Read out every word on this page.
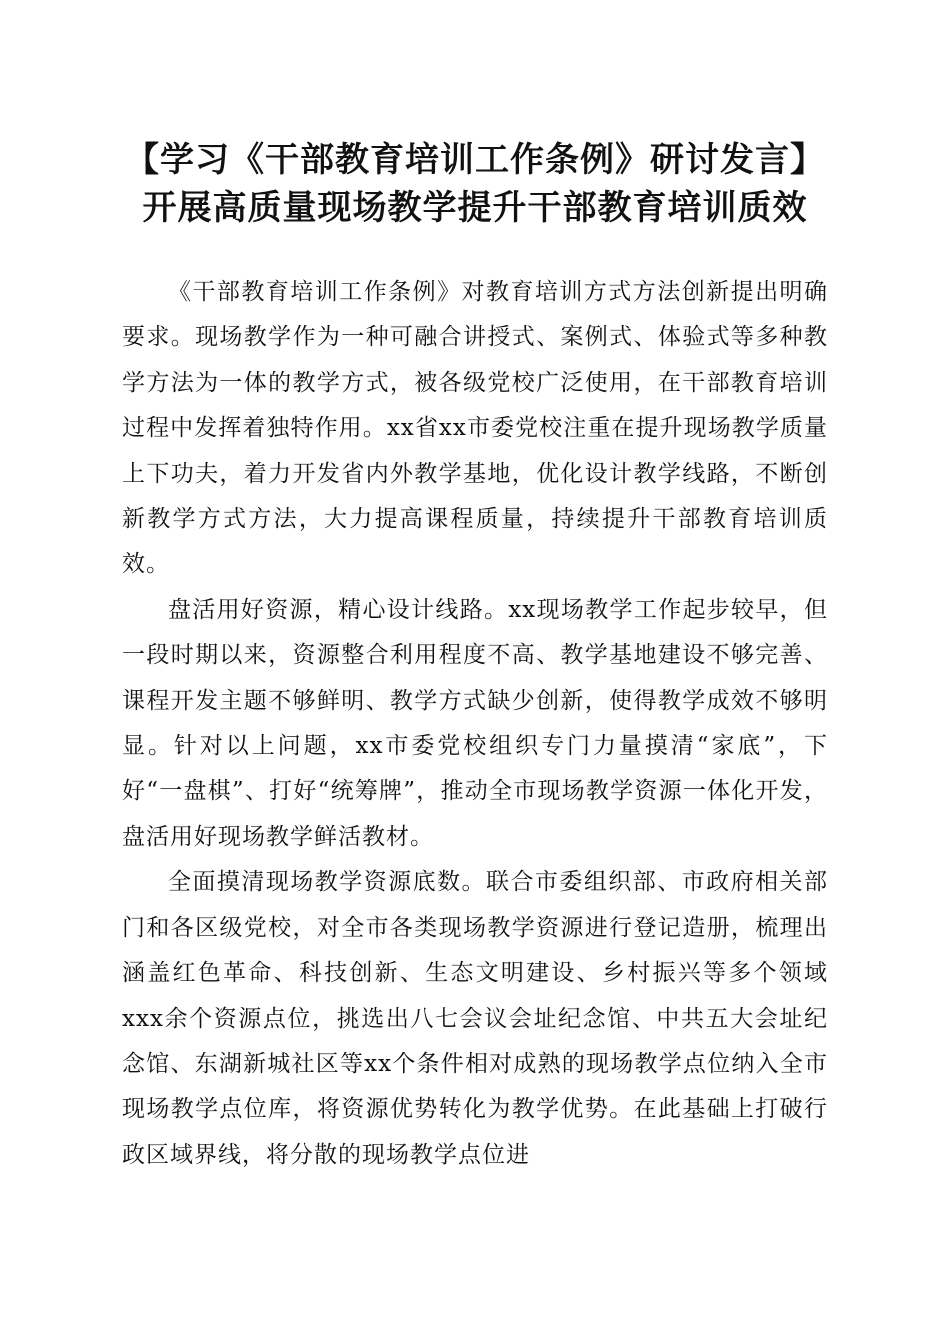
【学习《干部教育培训工作条例》研讨发言】
开展高质量现场教学提升干部教育培训质效

《干部教育培训工作条例》对教育培训方式方法创新提出明确要求。现场教学作为一种可融合讲授式、案例式、体验式等多种教学方法为一体的教学方式，被各级党校广泛使用，在干部教育培训过程中发挥着独特作用。xx省xx市委党校注重在提升现场教学质量上下功夫，着力开发省内外教学基地，优化设计教学线路，不断创新教学方式方法，大力提高课程质量，持续提升干部教育培训质效。

盘活用好资源，精心设计线路。xx现场教学工作起步较早，但一段时期以来，资源整合利用程度不高、教学基地建设不够完善、课程开发主题不够鲜明、教学方式缺少创新，使得教学成效不够明显。针对以上问题，xx市委党校组织专门力量摸清“家底”，下好“一盘棋”、打好“统筹牌”，推动全市现场教学资源一体化开发，盘活用好现场教学鲜活教材。

全面摸清现场教学资源底数。联合市委组织部、市政府相关部门和各区级党校，对全市各类现场教学资源进行登记造册，梳理出涵盖红色革命、科技创新、生态文明建设、乡村振兴等多个领域xxx余个资源点位，挑选出八七会议会址纪念馆、中共五大会址纪念馆、东湖新城社区等xx个条件相对成熟的现场教学点位纳入全市现场教学点位库，将资源优势转化为教学优势。在此基础上打破行政区域界线，将分散的现场教学点位进
